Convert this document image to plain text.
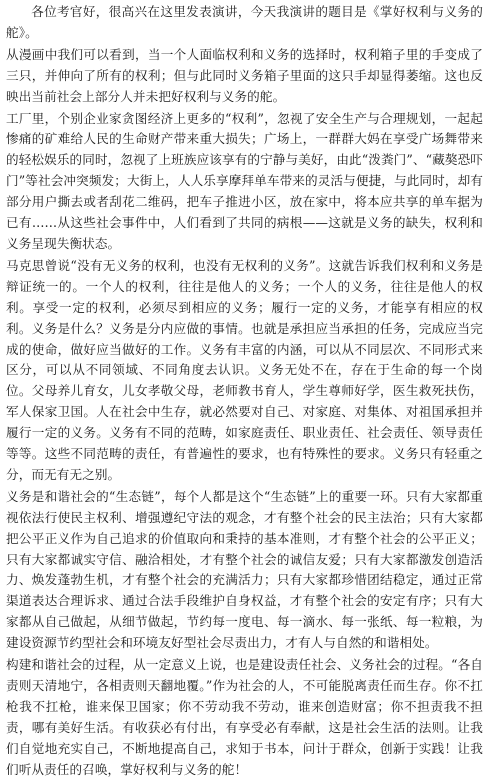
各位考官好，很高兴在这里发表演讲，今天我演讲的题目是《掌好权利与义务的舵》。

从漫画中我们可以看到，当一个人面临权利和义务的选择时，权利箱子里的手变成了三只，并伸向了所有的权利；但与此同时义务箱子里面的这只手却显得萎缩。这也反映出当前社会上部分人并未把好权利与义务的舵。

工厂里，个别企业家贪图经济上更多的“权利”，忽视了安全生产与合理规划，一起起惨痛的矿难给人民的生命财产带来重大损失；广场上，一群群大妈在享受广场舞带来的轻松娱乐的同时，忽视了上班族应该享有的宁静与美好，由此“泼粪门”、“藏獒恐吓门”等社会冲突频发；大街上，人人乐享摩拜单车带来的灵活与便捷，与此同时，却有部分用户撕去或者刮花二维码，把车子推进小区，放在家中，将本应共享的单车据为已有……从这些社会事件中，人们看到了共同的病根——这就是义务的缺失，权利和义务呈现失衡状态。

马克思曾说“没有无义务的权利，也没有无权利的义务”。这就告诉我们权利和义务是辩证统一的。一个人的权利，往往是他人的义务；一个人的义务，往往是他人的权利。享受一定的权利，必须尽到相应的义务；履行一定的义务，才能享有相应的权利。义务是什么？义务是分内应做的事情。也就是承担应当承担的任务，完成应当完成的使命，做好应当做好的工作。义务有丰富的内涵，可以从不同层次、不同形式来区分，可以从不同领域、不同角度去认识。义务无处不在，存在于生命的每一个岗位。父母养儿育女，儿女孝敬父母，老师教书育人，学生尊师好学，医生救死扶伤，军人保家卫国。人在社会中生存，就必然要对自己、对家庭、对集体、对祖国承担并履行一定的义务。义务有不同的范畴，如家庭责任、职业责任、社会责任、领导责任等等。这些不同范畴的责任，有普遍性的要求，也有特殊性的要求。义务只有轻重之分，而无有无之别。

义务是和谐社会的“生态链”，每个人都是这个“生态链”上的重要一环。只有大家都重视依法行使民主权利、增强遵纪守法的观念，才有整个社会的民主法治；只有大家都把公平正义作为自己追求的价值取向和秉持的基本准则，才有整个社会的公平正义；只有大家都诚实守信、融洽相处，才有整个社会的诚信友爱；只有大家都激发创造活力、焕发蓬勃生机，才有整个社会的充满活力；只有大家都珍惜团结稳定，通过正常渠道表达合理诉求、通过合法手段维护自身权益，才有整个社会的安定有序；只有大家都从自己做起，从细节做起，节约每一度电、每一滴水、每一张纸、每一粒粮，为建设资源节约型社会和环境友好型社会尽责出力，才有人与自然的和谐相处。

构建和谐社会的过程，从一定意义上说，也是建设责任社会、义务社会的过程。“各自责则天清地宁，各相责则天翻地覆。”作为社会的人，不可能脱离责任而生存。你不扛枪我不扛枪，谁来保卫国家；你不劳动我不劳动，谁来创造财富；你不担责我不担责，哪有美好生活。有收获必有付出，有享受必有奉献，这是社会生活的法则。让我们自觉地充实自己，不断地提高自己，求知于书本，问计于群众，创新于实践！让我们听从责任的召唤，掌好权利与义务的舵！
